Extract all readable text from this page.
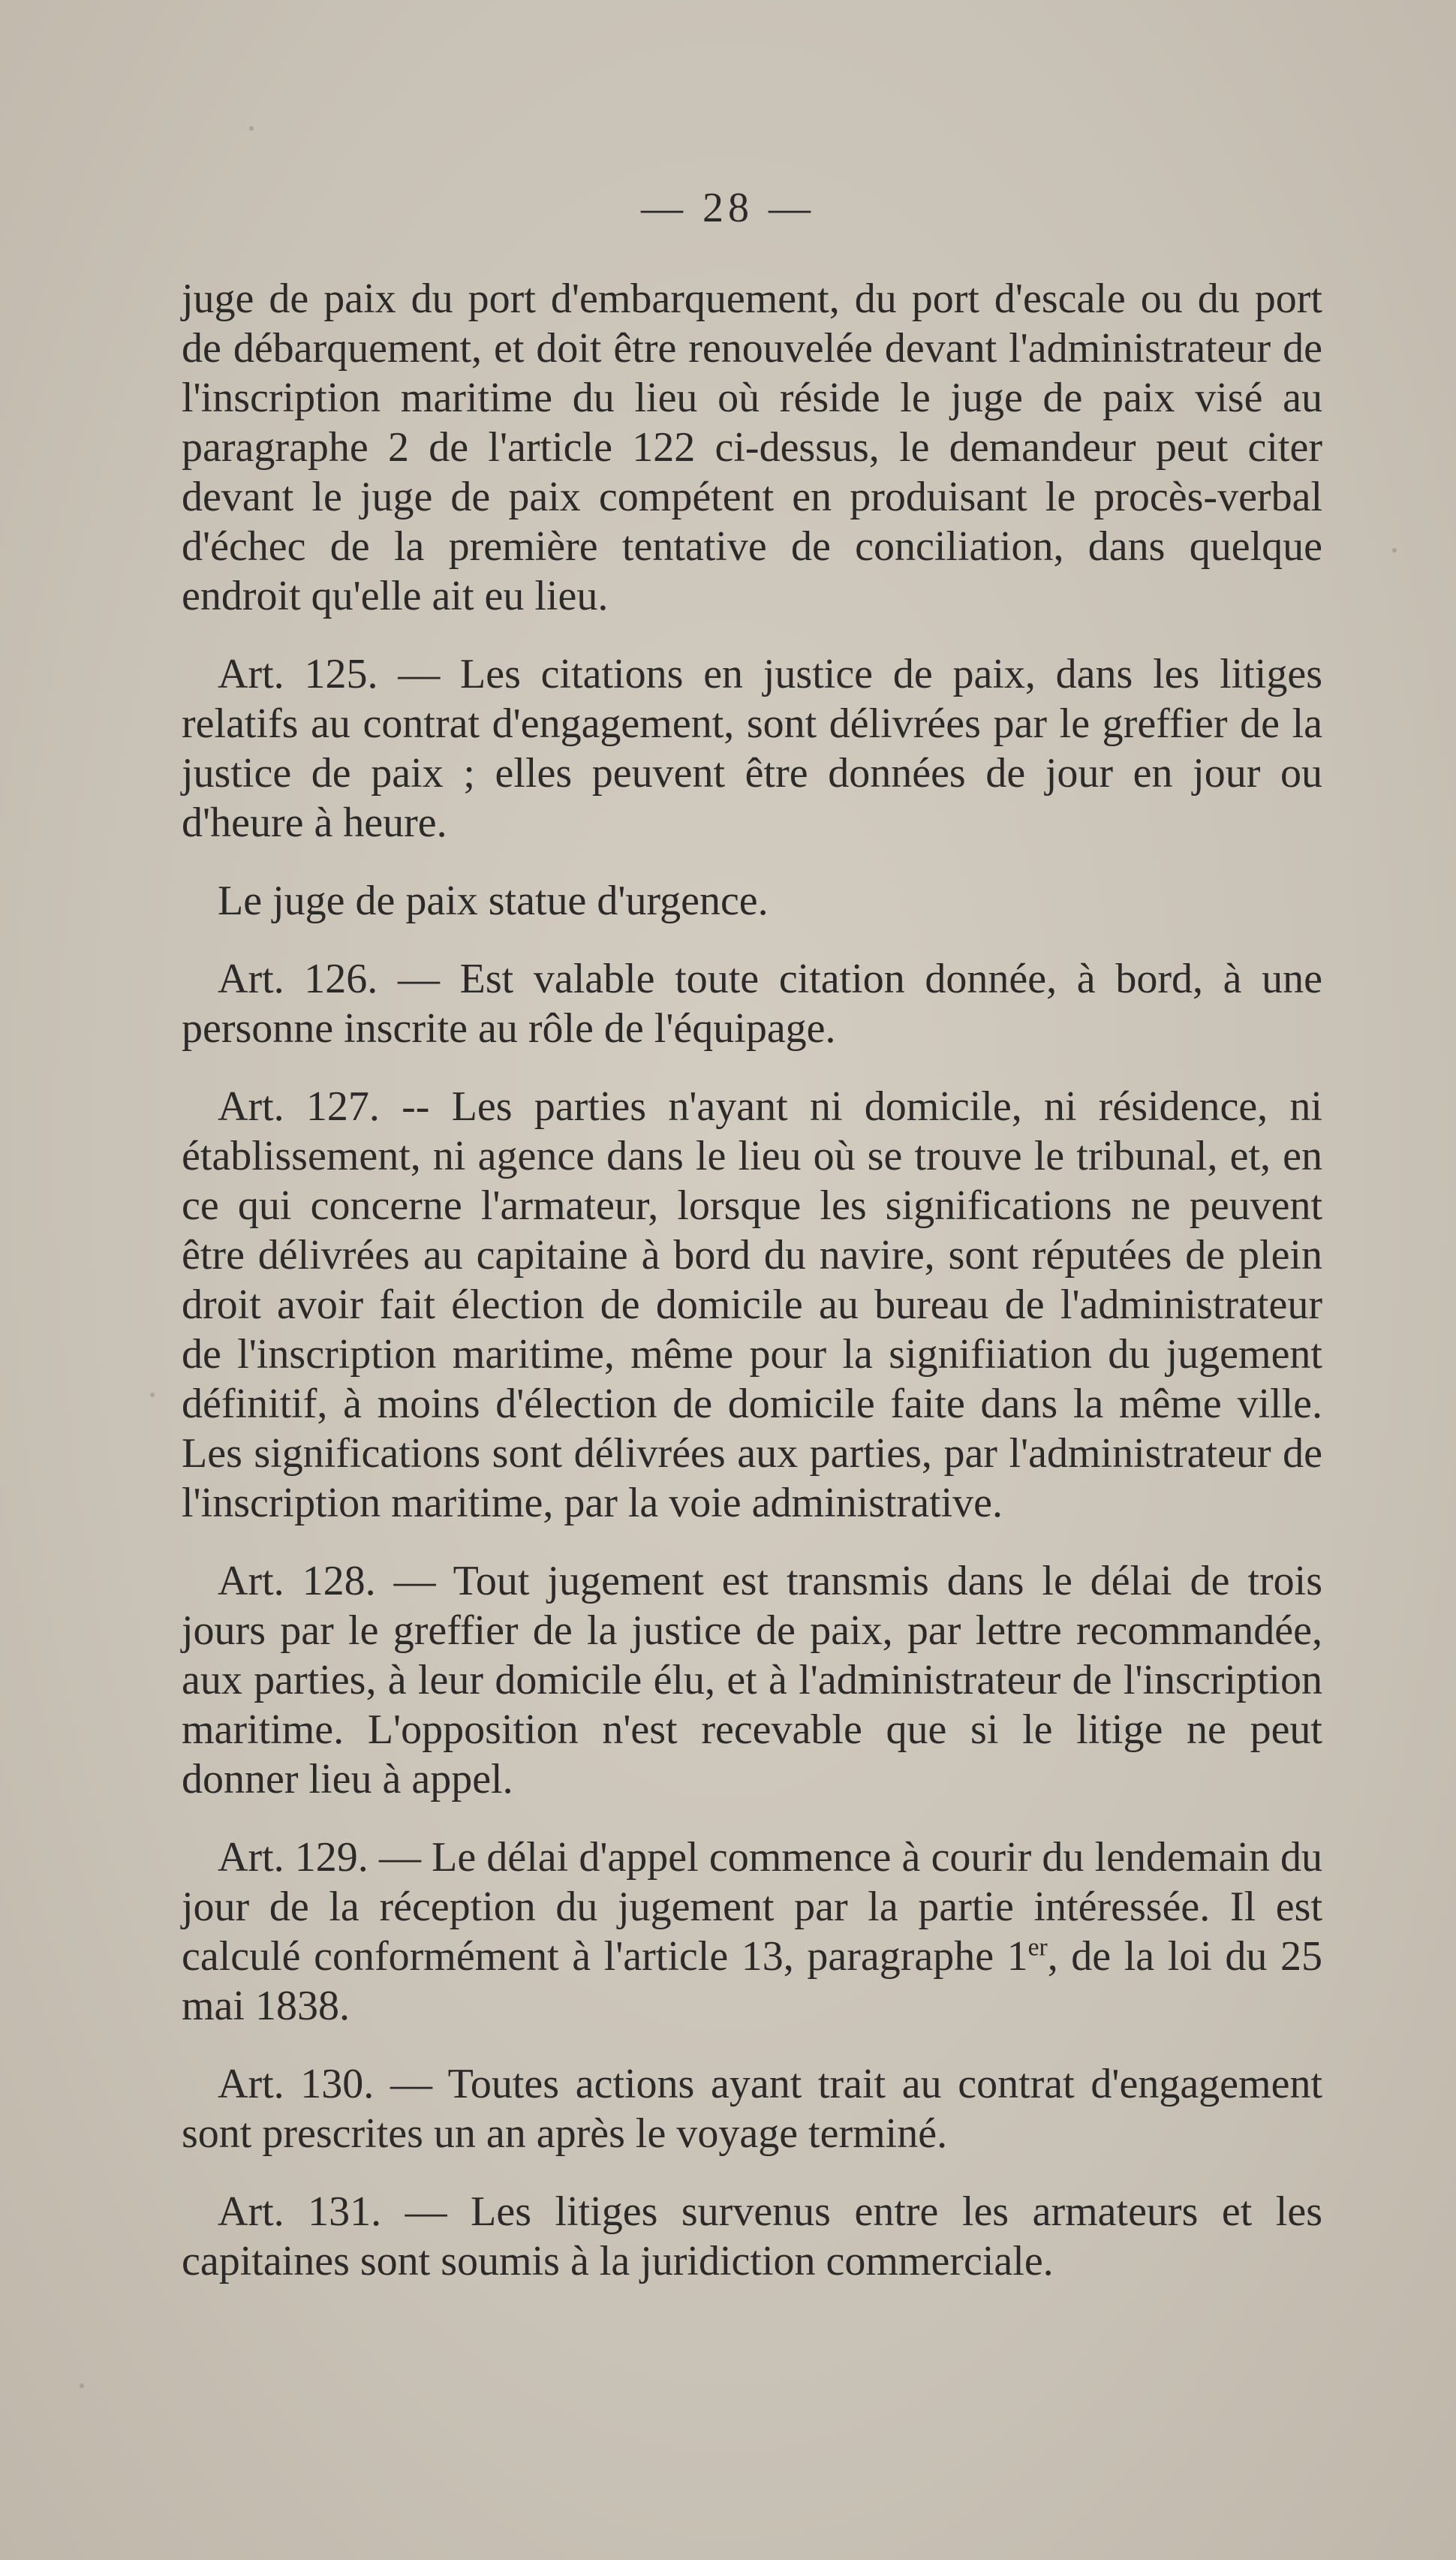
— 28 —

juge de paix du port d'embarquement, du port d'escale ou du port de débarquement, et doit être renouvelée devant l'administrateur de l'inscription maritime du lieu où réside le juge de paix visé au paragraphe 2 de l'article 122 ci-dessus, le demandeur peut citer devant le juge de paix compétent en produisant le procès-verbal d'échec de la première tentative de conciliation, dans quelque endroit qu'elle ait eu lieu.

Art. 125. — Les citations en justice de paix, dans les litiges relatifs au contrat d'engagement, sont délivrées par le greffier de la justice de paix ; elles peuvent être données de jour en jour ou d'heure à heure.

Le juge de paix statue d'urgence.

Art. 126. — Est valable toute citation donnée, à bord, à une personne inscrite au rôle de l'équipage.

Art. 127. -- Les parties n'ayant ni domicile, ni résidence, ni établissement, ni agence dans le lieu où se trouve le tribunal, et, en ce qui concerne l'armateur, lorsque les significations ne peuvent être délivrées au capitaine à bord du navire, sont réputées de plein droit avoir fait élection de domicile au bureau de l'administrateur de l'inscription maritime, même pour la signifiiation du jugement définitif, à moins d'élection de domicile faite dans la même ville. Les significations sont délivrées aux parties, par l'administrateur de l'inscription maritime, par la voie administrative.

Art. 128. — Tout jugement est transmis dans le délai de trois jours par le greffier de la justice de paix, par lettre recommandée, aux parties, à leur domicile élu, et à l'administrateur de l'inscription maritime. L'opposition n'est recevable que si le litige ne peut donner lieu à appel.

Art. 129. — Le délai d'appel commence à courir du lendemain du jour de la réception du jugement par la partie intéressée. Il est calculé conformément à l'article 13, paragraphe 1er, de la loi du 25 mai 1838.

Art. 130. — Toutes actions ayant trait au contrat d'engagement sont prescrites un an après le voyage terminé.

Art. 131. — Les litiges survenus entre les armateurs et les capitaines sont soumis à la juridiction commerciale.
